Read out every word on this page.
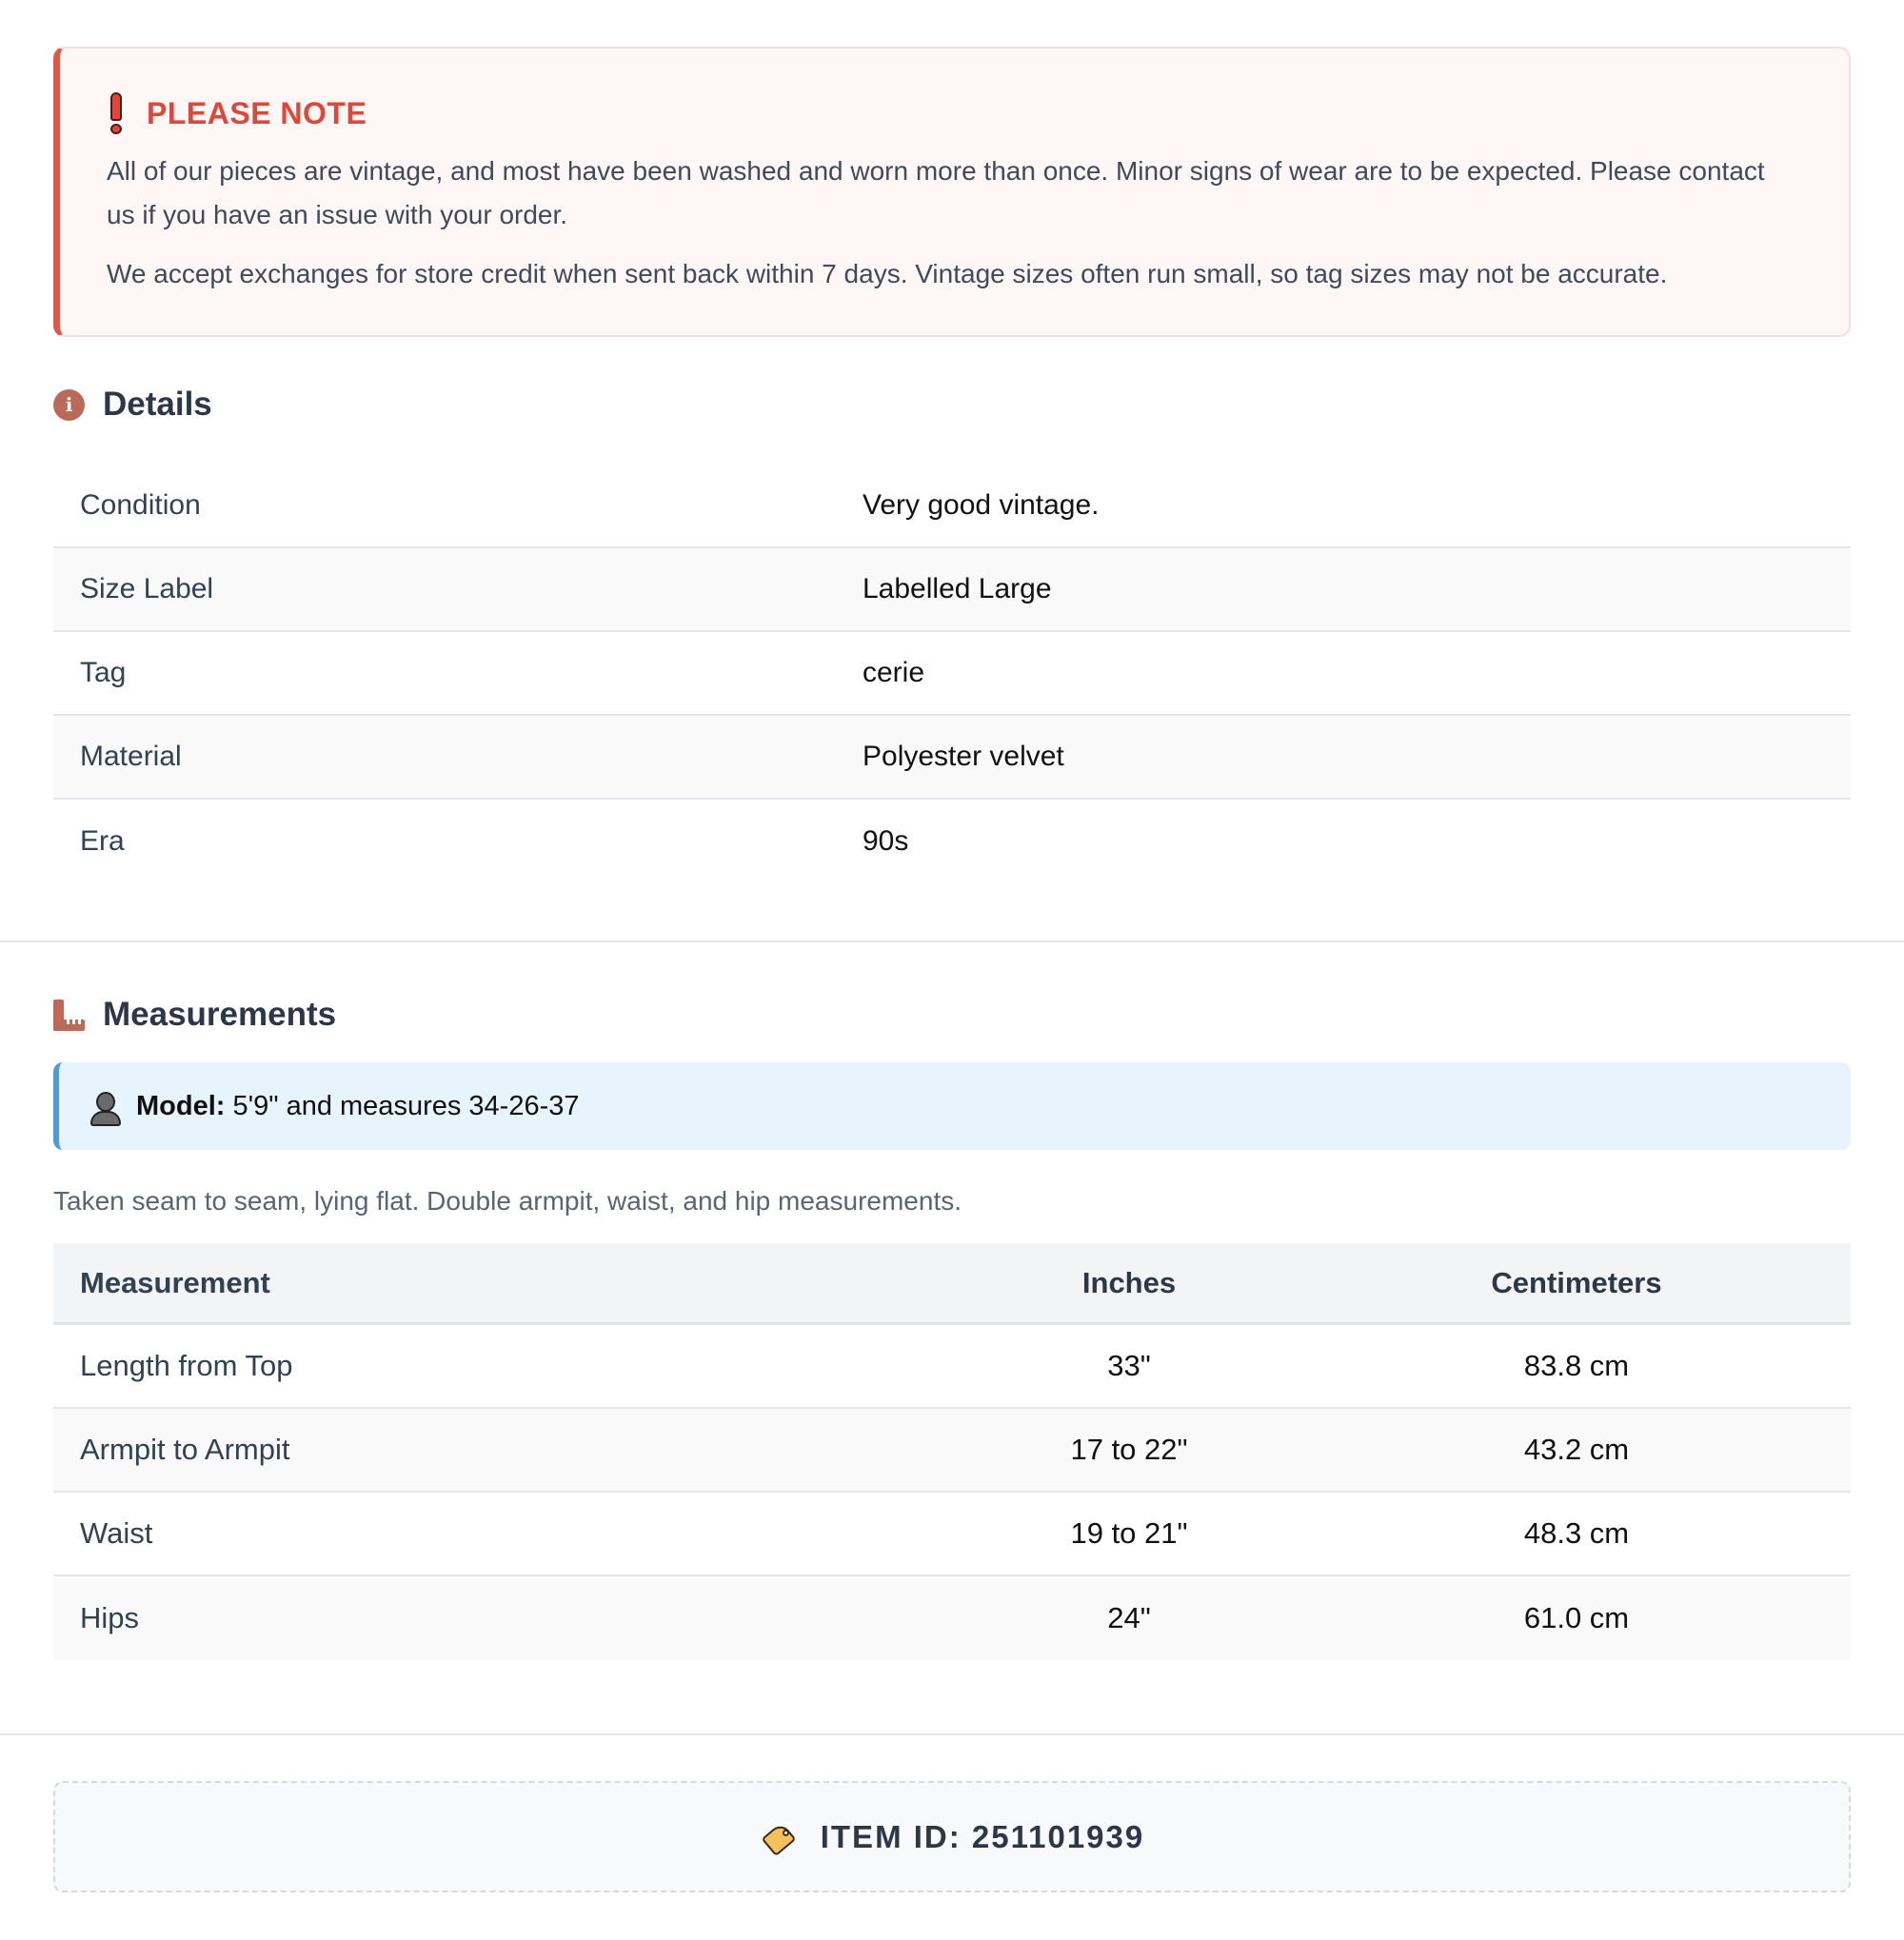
PLEASE NOTE

All of our pieces are vintage, and most have been washed and worn more than once. Minor signs of wear are to be expected. Please contact us if you have an issue with your order.

We accept exchanges for store credit when sent back within 7 days. Vintage sizes often run small, so tag sizes may not be accurate.

i Details
Condition	Very good vintage.
Size Label	Labelled Large
Tag	cerie
Material	Polyester velvet
Era	90s
Measurements
Model: 5'9" and measures 34-26-37
Taken seam to seam, lying flat. Double armpit, waist, and hip measurements.
Measurement	Inches	Centimeters
Length from Top	33"	83.8 cm
Armpit to Armpit	17 to 22"	43.2 cm
Waist	19 to 21"	48.3 cm
Hips	24"	61.0 cm
ITEM ID: 251101939
